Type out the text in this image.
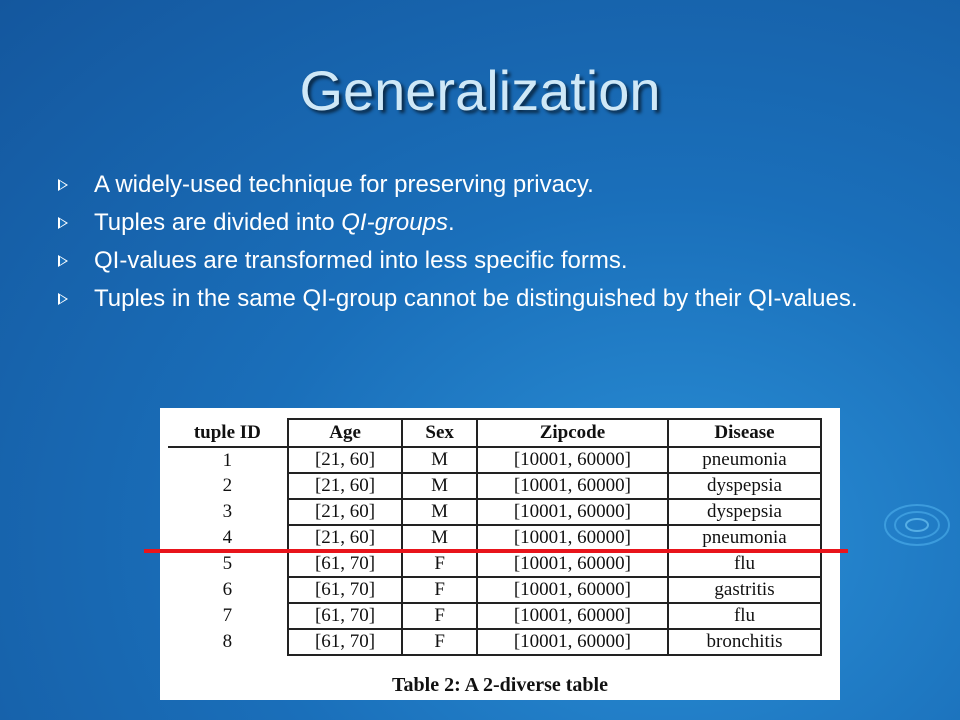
Generalization
A widely-used technique for preserving privacy.
Tuples are divided into QI-groups.
QI-values are transformed into less specific forms.
Tuples in the same QI-group cannot be distinguished by their QI-values.
tuple ID	Age	Sex	Zipcode	Disease
1	[21, 60]	M	[10001, 60000]	pneumonia
2	[21, 60]	M	[10001, 60000]	dyspepsia
3	[21, 60]	M	[10001, 60000]	dyspepsia
4	[21, 60]	M	[10001, 60000]	pneumonia
5	[61, 70]	F	[10001, 60000]	flu
6	[61, 70]	F	[10001, 60000]	gastritis
7	[61, 70]	F	[10001, 60000]	flu
8	[61, 70]	F	[10001, 60000]	bronchitis
Table 2: A 2-diverse table
